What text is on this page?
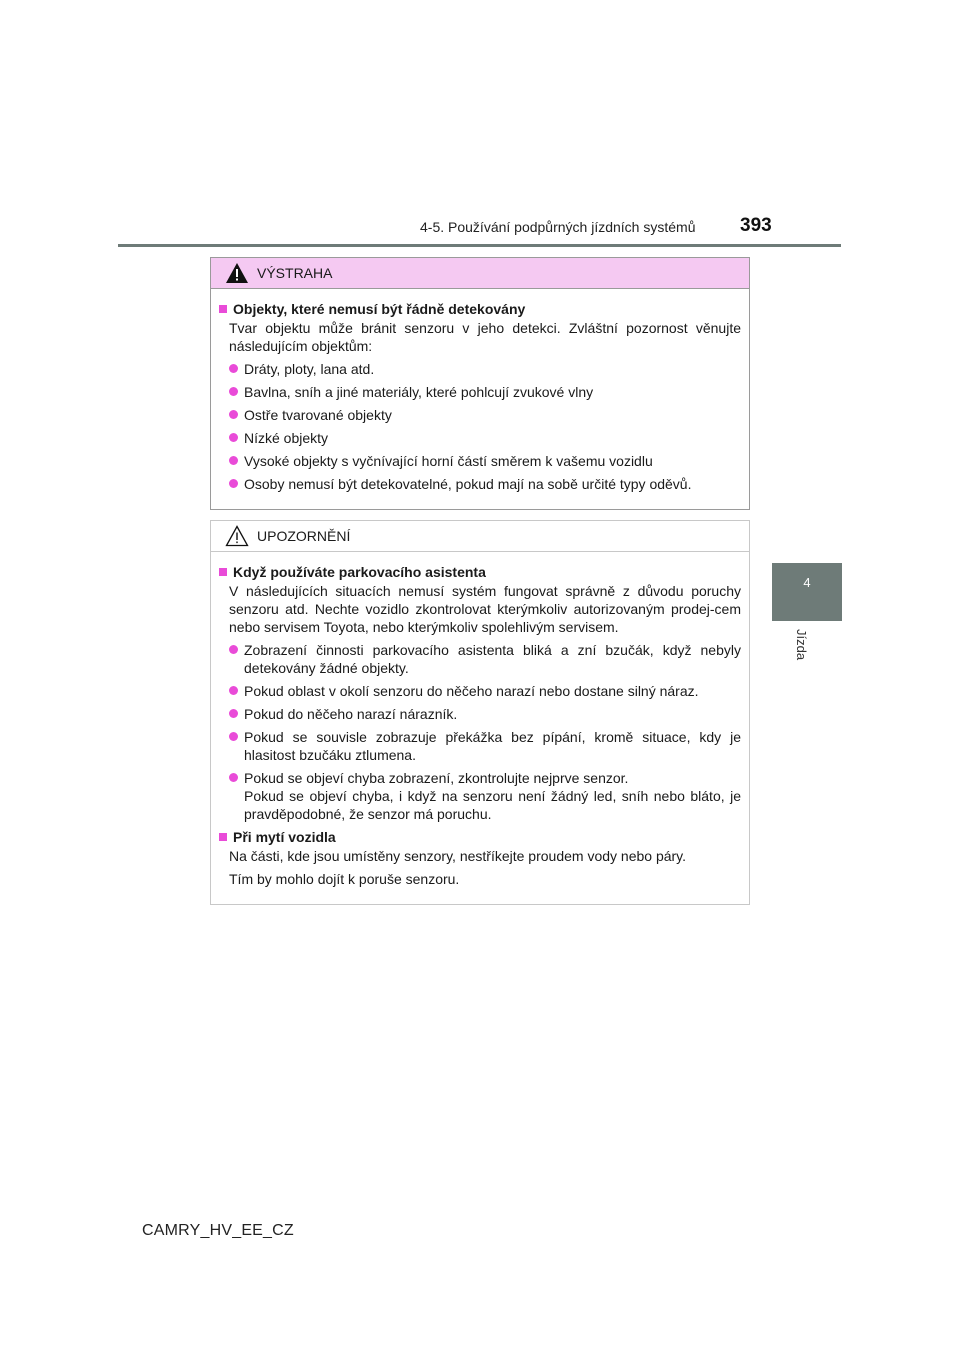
4-5. Používání podpůrných jízdních systémů 393
4
Jízda
VÝSTRAHA
Objekty, které nemusí být řádně detekovány
Tvar objektu může bránit senzoru v jeho detekci. Zvláštní pozornost věnujte následujícím objektům:
Dráty, ploty, lana atd.
Bavlna, sníh a jiné materiály, které pohlcují zvukové vlny
Ostře tvarované objekty
Nízké objekty
Vysoké objekty s vyčnívající horní částí směrem k vašemu vozidlu
Osoby nemusí být detekovatelné, pokud mají na sobě určité typy oděvů.
UPOZORNĚNÍ
Když používáte parkovacího asistenta
V následujících situacích nemusí systém fungovat správně z důvodu poruchy senzoru atd. Nechte vozidlo zkontrolovat kterýmkoliv autorizovaným prodej-cem nebo servisem Toyota, nebo kterýmkoliv spolehlivým servisem.
Zobrazení činnosti parkovacího asistenta bliká a zní bzučák, když nebyly detekovány žádné objekty.
Pokud oblast v okolí senzoru do něčeho narazí nebo dostane silný náraz.
Pokud do něčeho narazí nárazník.
Pokud se souvisle zobrazuje překážka bez pípání, kromě situace, kdy je hlasitost bzučáku ztlumena.
Pokud se objeví chyba zobrazení, zkontrolujte nejprve senzor.
Pokud se objeví chyba, i když na senzoru není žádný led, sníh nebo bláto, je pravděpodobné, že senzor má poruchu.
Při mytí vozidla
Na části, kde jsou umístěny senzory, nestříkejte proudem vody nebo páry.
Tím by mohlo dojít k poruše senzoru.
CAMRY_HV_EE_CZ
